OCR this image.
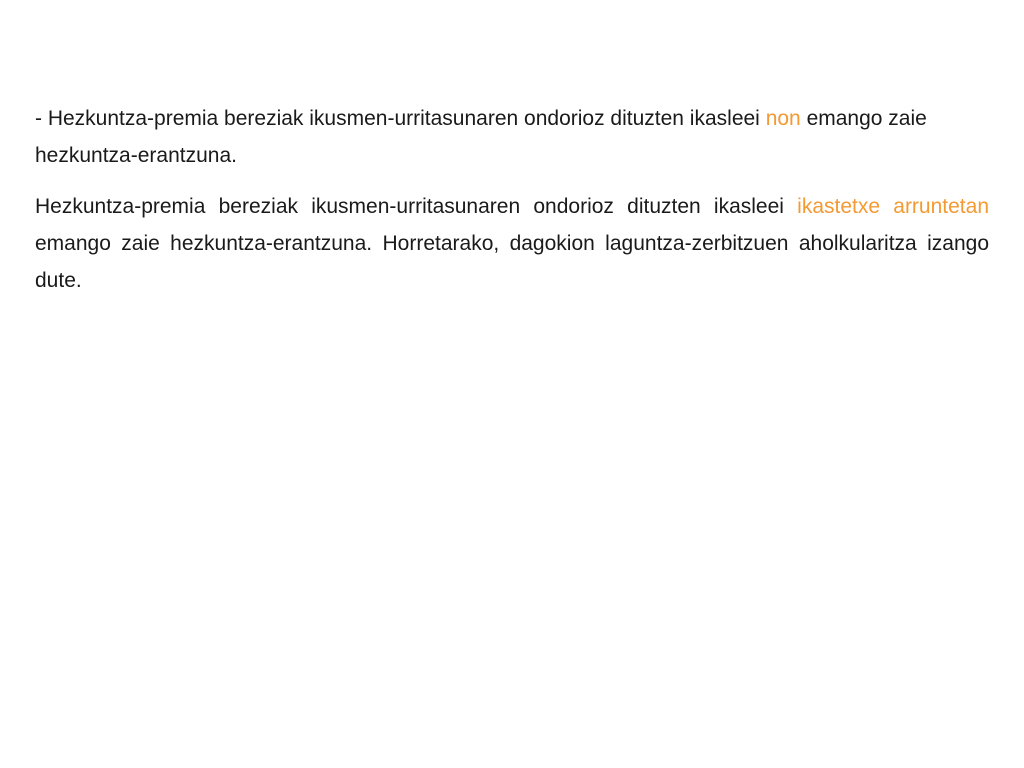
- Hezkuntza-premia bereziak ikusmen-urritasunaren ondorioz dituzten ikasleei non emango zaie hezkuntza-erantzuna.

Hezkuntza-premia bereziak ikusmen-urritasunaren ondorioz dituzten ikasleei ikastetxe arruntetan emango zaie hezkuntza-erantzuna. Horretarako, dagokion laguntza-zerbitzuen aholkularitza izango dute.
